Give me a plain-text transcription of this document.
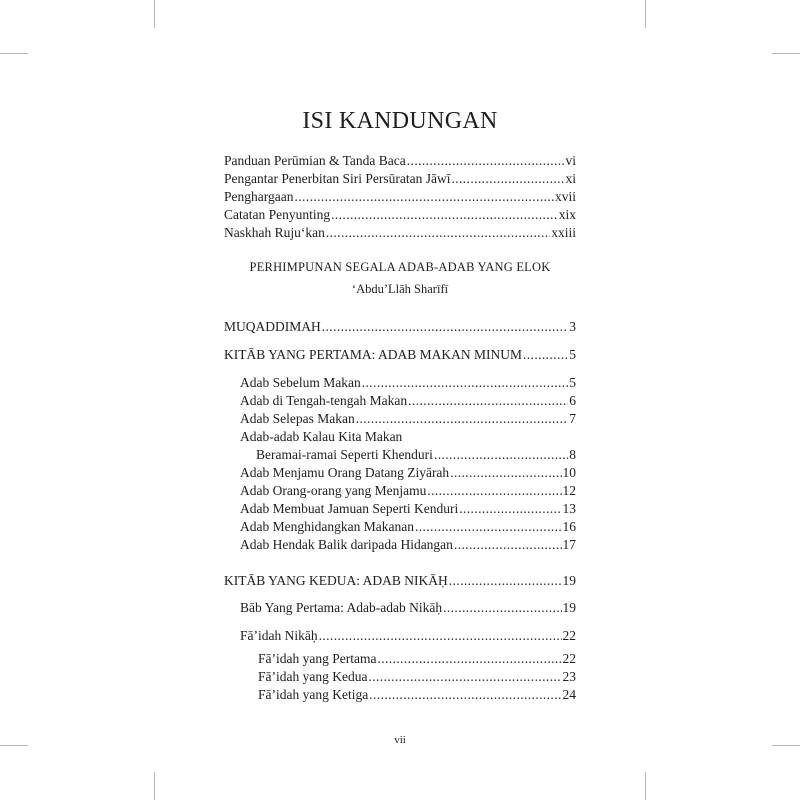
ISI KANDUNGAN
Panduan Perūmian & Tanda Baca .....	vi
Pengantar Penerbitan Siri Persūratan Jāwī .....	xi
Penghargaan .....	xvii
Catatan Penyunting .....	xix
Naskhah Ruju‘kan .....	xxiii
PERHIMPUNAN SEGALA ADAB-ADAB YANG ELOK
‘Abdu’Llāh Sharīfī
MUQADDIMAH .....	3
KITĀB YANG PERTAMA: ADAB MAKAN MINUM .....	5
Adab Sebelum Makan .....	5
Adab di Tengah-tengah Makan .....	6
Adab Selepas Makan .....	7
Adab-adab Kalau Kita Makan
Beramai-ramai Seperti Khenduri .....	8
Adab Menjamu Orang Datang Ziyārah .....	10
Adab Orang-orang yang Menjamu .....	12
Adab Membuat Jamuan Seperti Kenduri .....	13
Adab Menghidangkan Makanan .....	16
Adab Hendak Balik daripada Hidangan .....	17
KITĀB YANG KEDUA: ADAB NIKĀḤ .....	19
Bāb Yang Pertama: Adab-adab Nikāḥ .....	19
Fā’idah Nikāḥ .....	22
Fā’idah yang Pertama .....	22
Fā’idah yang Kedua .....	23
Fā’idah yang Ketiga .....	24
vii
